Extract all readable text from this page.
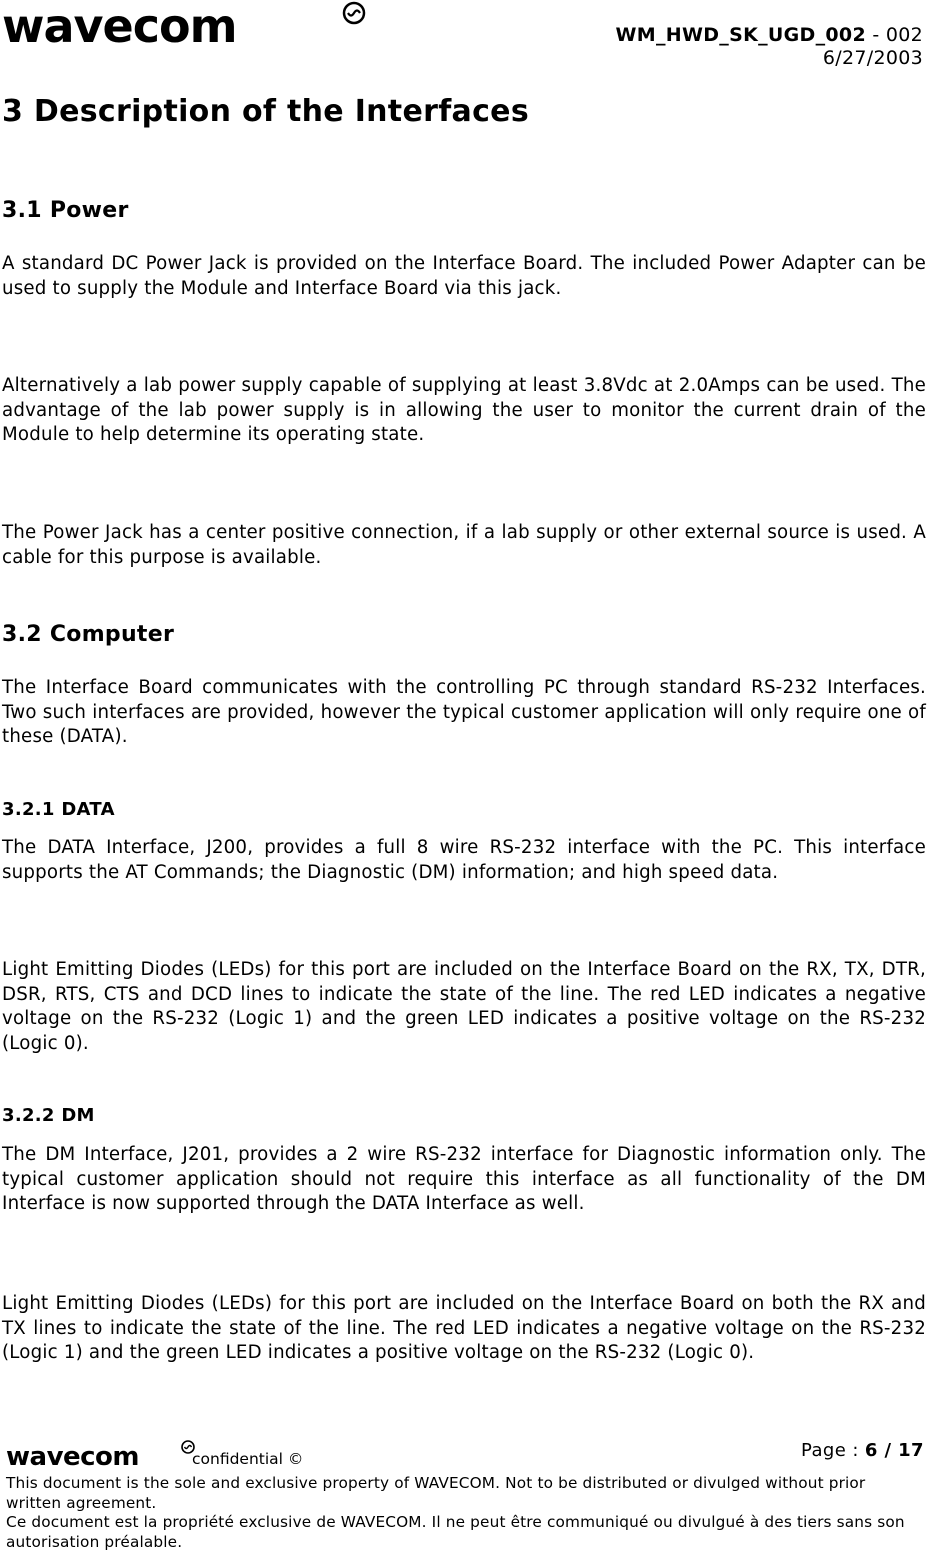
wavecom	WM_HWD_SK_UGD_002 - 002
6/27/2003
3 Description of the Interfaces
3.1 Power

A standard DC Power Jack is provided on the Interface Board. The included Power Adapter can be used to supply the Module and Interface Board via this jack.

Alternatively a lab power supply capable of supplying at least 3.8Vdc at 2.0Amps can be used. The advantage of the lab power supply is in allowing the user to monitor the current drain of the Module to help determine its operating state.

The Power Jack has a center positive connection, if a lab supply or other external source is used. A cable for this purpose is available.

3.2 Computer

The Interface Board communicates with the controlling PC through standard RS-232 Interfaces. Two such interfaces are provided, however the typical customer application will only require one of these (DATA).

3.2.1 DATA

The DATA Interface, J200, provides a full 8 wire RS-232 interface with the PC. This interface supports the AT Commands; the Diagnostic (DM) information; and high speed data.

Light Emitting Diodes (LEDs) for this port are included on the Interface Board on the RX, TX, DTR, DSR, RTS, CTS and DCD lines to indicate the state of the line. The red LED indicates a negative voltage on the RS-232 (Logic 1) and the green LED indicates a positive voltage on the RS-232 (Logic 0).

3.2.2 DM

The DM Interface, J201, provides a 2 wire RS-232 interface for Diagnostic information only. The typical customer application should not require this interface as all functionality of the DM Interface is now supported through the DATA Interface as well.

Light Emitting Diodes (LEDs) for this port are included on the Interface Board on both the RX and TX lines to indicate the state of the line. The red LED indicates a negative voltage on the RS-232 (Logic 1) and the green LED indicates a positive voltage on the RS-232 (Logic 0).

wavecom	confidential ©	Page : 6 / 17
This document is the sole and exclusive property of WAVECOM. Not to be distributed or divulged without prior written agreement.
Ce document est la propriété exclusive de WAVECOM. Il ne peut être communiqué ou divulgué à des tiers sans son autorisation préalable.
